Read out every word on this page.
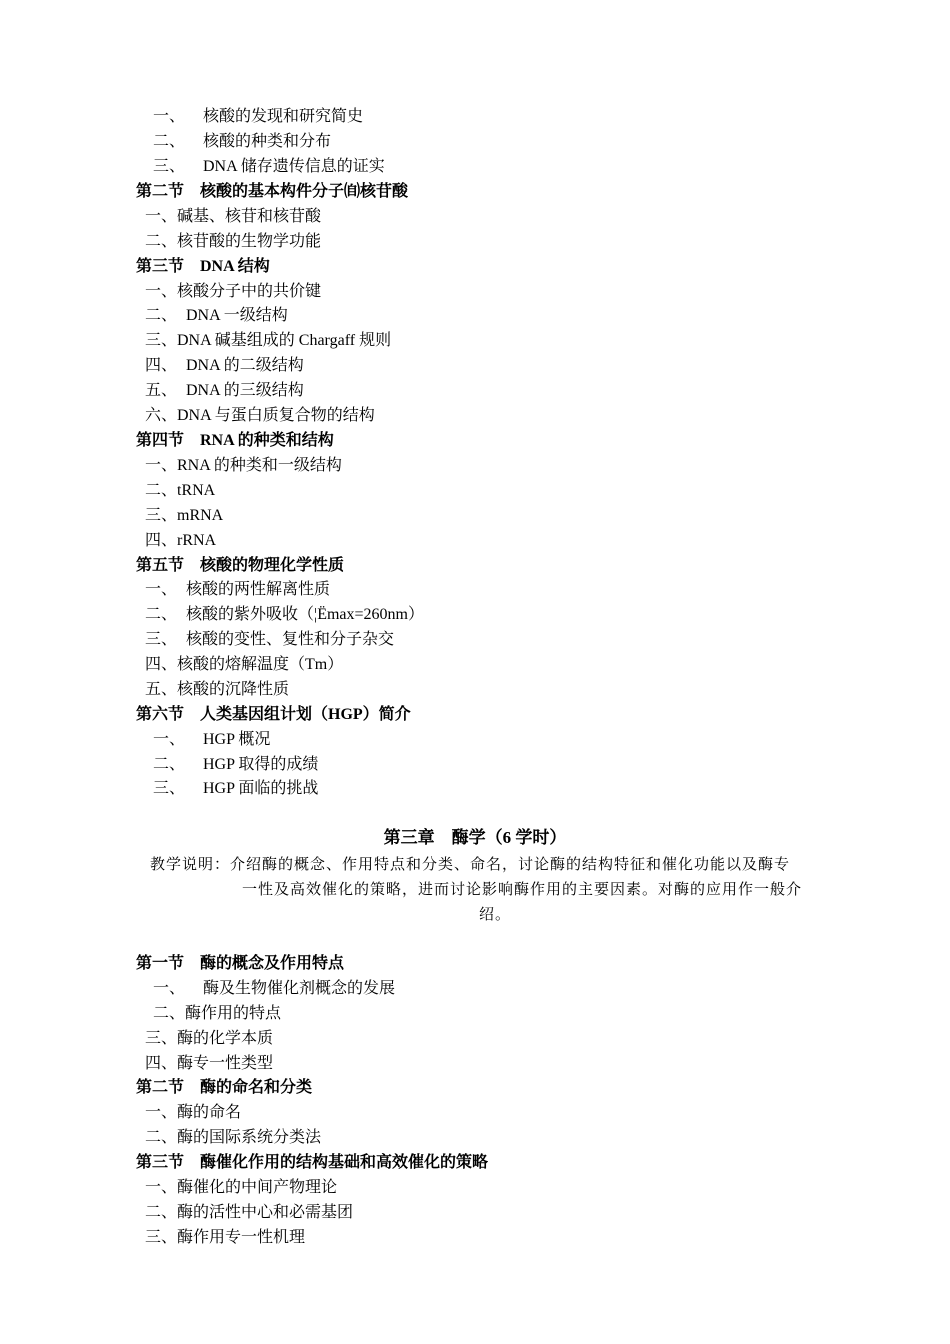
一、 核酸的发现和研究简史
二、 核酸的种类和分布
三、 DNA 储存遗传信息的证实
第二节　核酸的基本构件分子㉂核苷酸
一、碱基、核苷和核苷酸
二、核苷酸的生物学功能
第三节　DNA 结构
一、核酸分子中的共价键
二、 DNA 一级结构
三、DNA 碱基组成的 Chargaff 规则
四、 DNA 的二级结构
五、 DNA 的三级结构
六、DNA 与蛋白质复合物的结构
第四节　RNA 的种类和结构
一、RNA 的种类和一级结构
二、tRNA
三、mRNA
四、rRNA
第五节　核酸的物理化学性质
一、 核酸的两性解离性质
二、 核酸的紫外吸收（¦Ëmax=260nm）
三、 核酸的变性、复性和分子杂交
四、核酸的熔解温度（Tm）
五、核酸的沉降性质
第六节　人类基因组计划（HGP）简介
一、 HGP 概况
二、 HGP 取得的成绩
三、 HGP 面临的挑战
第三章　酶学（6 学时）
教学说明：介绍酶的概念、作用特点和分类、命名，讨论酶的结构特征和催化功能以及酶专
一性及高效催化的策略，进而讨论影响酶作用的主要因素。对酶的应用作一般介
绍。
第一节　酶的概念及作用特点
一、 酶及生物催化剂概念的发展
二、酶作用的特点
三、酶的化学本质
四、酶专一性类型
第二节　酶的命名和分类
一、酶的命名
二、酶的国际系统分类法
第三节　酶催化作用的结构基础和高效催化的策略
一、酶催化的中间产物理论
二、酶的活性中心和必需基团
三、酶作用专一性机理
